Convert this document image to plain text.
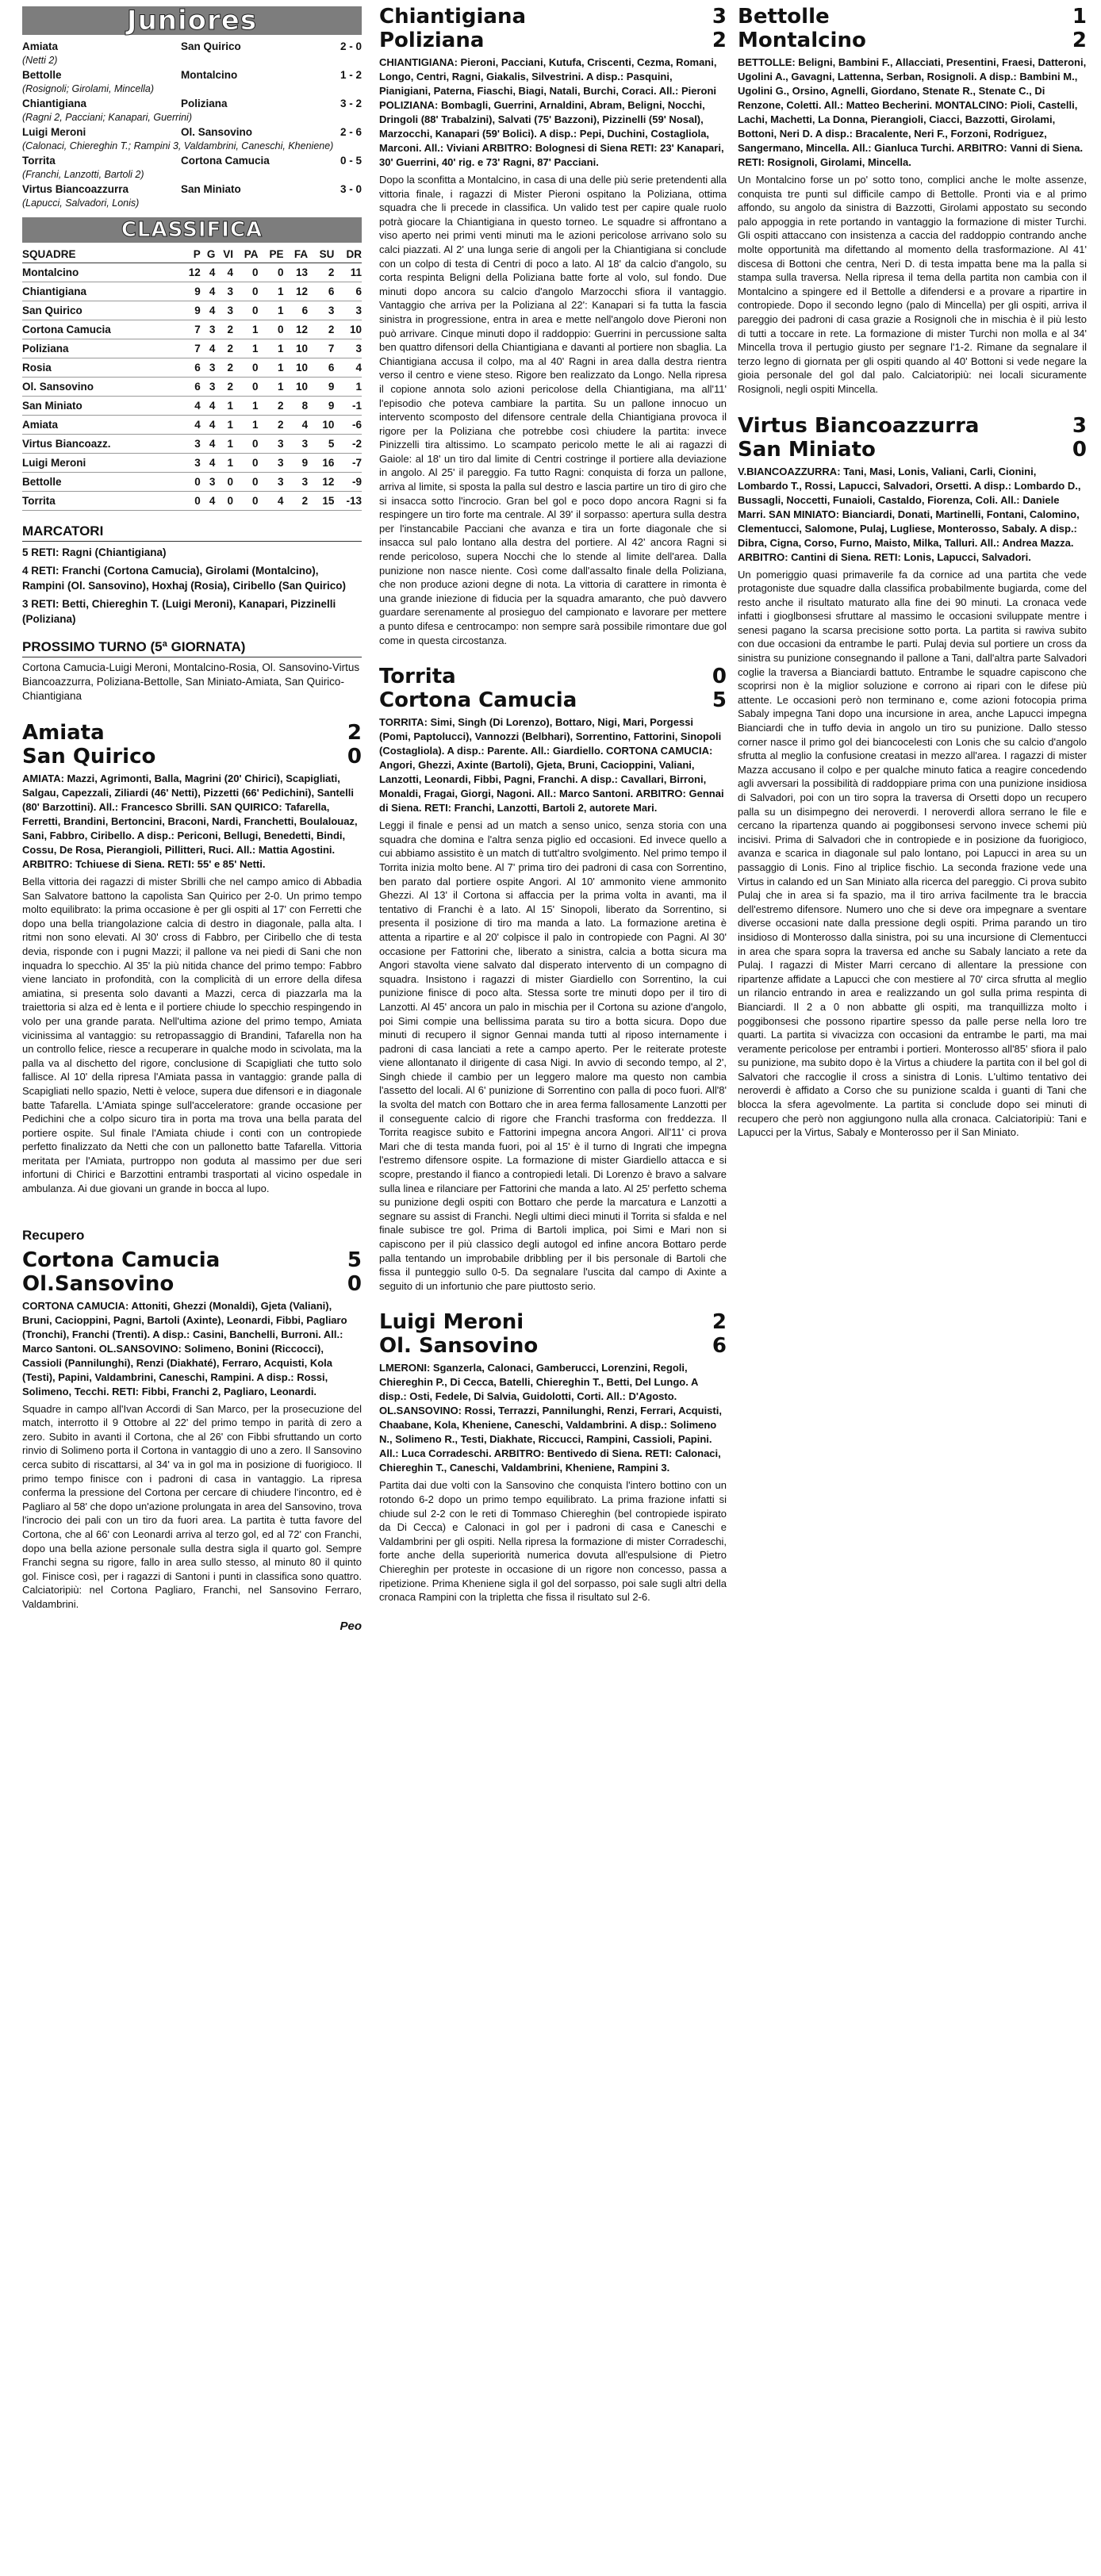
Juniores
Amiata	San Quirico	2 - 0
(Netti 2)
Bettolle	Montalcino	1 - 2
(Rosignoli; Girolami, Mincella)
Chiantigiana	Poliziana	3 - 2
(Ragni 2, Pacciani; Kanapari, Guerrini)
Luigi Meroni	Ol. Sansovino	2 - 6
(Calonaci, Chiereghin T.; Rampini 3, Valdambrini, Caneschi, Kheniene)
Torrita	Cortona Camucia	0 - 5
(Franchi, Lanzotti, Bartoli 2)
Virtus Biancoazzurra	San Miniato	3 - 0
(Lapucci, Salvadori, Lonis)
CLASSIFICA
SQUADRE	P	G	VI	PA	PE	FA	SU	DR
Montalcino	12	4	4	0	0	13	2	11
Chiantigiana	9	4	3	0	1	12	6	6
San Quirico	9	4	3	0	1	6	3	3
Cortona Camucia	7	3	2	1	0	12	2	10
Poliziana	7	4	2	1	1	10	7	3
Rosia	6	3	2	0	1	10	6	4
Ol. Sansovino	6	3	2	0	1	10	9	1
San Miniato	4	4	1	1	2	8	9	-1
Amiata	4	4	1	1	2	4	10	-6
Virtus Biancoazz.	3	4	1	0	3	3	5	-2
Luigi Meroni	3	4	1	0	3	9	16	-7
Bettolle	0	3	0	0	3	3	12	-9
Torrita	0	4	0	0	4	2	15	-13
MARCATORI
5 RETI: Ragni (Chiantigiana)
4 RETI: Franchi (Cortona Camucia), Girolami (Montalcino), Rampini (Ol. Sansovino), Hoxhaj (Rosia), Ciribello (San Quirico)
3 RETI: Betti, Chiereghin T. (Luigi Meroni), Kanapari, Pizzinelli (Poliziana)
PROSSIMO TURNO (5ª GIORNATA)
Cortona Camucia-Luigi Meroni, Montalcino-Rosia, Ol. Sansovino-Virtus Biancoazzurra, Poliziana-Bettolle, San Miniato-Amiata, San Quirico-Chiantigiana
Amiata	2
San Quirico	0
AMIATA: Mazzi, Agrimonti, Balla, Magrini (20' Chirici), Scapigliati, Salgau, Capezzali, Ziliardi (46' Netti), Pizzetti (66' Pedichini), Santelli (80' Barzottini). All.: Francesco Sbrilli. SAN QUIRICO: Tafarella, Ferretti, Brandini, Bertoncini, Braconi, Nardi, Franchetti, Boulalouaz, Sani, Fabbro, Ciribello. A disp.: Periconi, Bellugi, Benedetti, Bindi, Cossu, De Rosa, Pierangioli, Pillitteri, Ruci. All.: Mattia Agostini. ARBITRO: Tchiuese di Siena. RETI: 55' e 85' Netti.
Bella vittoria dei ragazzi di mister Sbrilli che nel campo amico di Abbadia San Salvatore battono la capolista San Quirico per 2-0. Un primo tempo molto equilibrato: la prima occasione è per gli ospiti al 17' con Ferretti che dopo una bella triangolazione calcia di destro in diagonale, palla alta. I ritmi non sono elevati. Al 30' cross di Fabbro, per Ciribello che di testa devia, risponde con i pugni Mazzi; il pallone va nei piedi di Sani che non inquadra lo specchio. Al 35' la più nitida chance del primo tempo: Fabbro viene lanciato in profondità, con la complicità di un errore della difesa amiatina, si presenta solo davanti a Mazzi, cerca di piazzarla ma la traiettoria si alza ed è lenta e il portiere chiude lo specchio respingendo in volo per una grande parata. Nell'ultima azione del primo tempo, Amiata vicinissima al vantaggio: su retropassaggio di Brandini, Tafarella non ha un controllo felice, riesce a recuperare in qualche modo in scivolata, ma la palla va al dischetto del rigore, conclusione di Scapigliati che tutto solo fallisce. Al 10' della ripresa l'Amiata passa in vantaggio: grande palla di Scapigliati nello spazio, Netti è veloce, supera due difensori e in diagonale batte Tafarella. L'Amiata spinge sull'acceleratore: grande occasione per Pedichini che a colpo sicuro tira in porta ma trova una bella parata del portiere ospite. Sul finale l'Amiata chiude i conti con un contropiede perfetto finalizzato da Netti che con un pallonetto batte Tafarella. Vittoria meritata per l'Amiata, purtroppo non goduta al massimo per due seri infortuni di Chirici e Barzottini entrambi trasportati al vicino ospedale in ambulanza. Ai due giovani un grande in bocca al lupo.
Recupero
Cortona Camucia	5
Ol.Sansovino	0
CORTONA CAMUCIA: Attoniti, Ghezzi (Monaldi), Gjeta (Valiani), Bruni, Cacioppini, Pagni, Bartoli (Axinte), Leonardi, Fibbi, Pagliaro (Tronchi), Franchi (Trenti). A disp.: Casini, Banchelli, Burroni. All.: Marco Santoni. OL.SANSOVINO: Solimeno, Bonini (Riccocci), Cassioli (Pannilunghi), Renzi (Diakhaté), Ferraro, Acquisti, Kola (Testi), Papini, Valdambrini, Caneschi, Rampini. A disp.: Rossi, Solimeno, Tecchi. RETI: Fibbi, Franchi 2, Pagliaro, Leonardi.
Squadre in campo all'Ivan Accordi di San Marco, per la prosecuzione del match, interrotto il 9 Ottobre al 22' del primo tempo in parità di zero a zero. Subito in avanti il Cortona, che al 26' con Fibbi sfruttando un corto rinvio di Solimeno porta il Cortona in vantaggio di uno a zero. Il Sansovino cerca subito di riscattarsi, al 34' va in gol ma in posizione di fuorigioco. Il primo tempo finisce con i padroni di casa in vantaggio. La ripresa conferma la pressione del Cortona per cercare di chiudere l'incontro, ed è Pagliaro al 58' che dopo un'azione prolungata in area del Sansovino, trova l'incrocio dei pali con un tiro da fuori area. La partita è tutta favore del Cortona, che al 66' con Leonardi arriva al terzo gol, ed al 72' con Franchi, dopo una bella azione personale sulla destra sigla il quarto gol. Sempre Franchi segna su rigore, fallo in area sullo stesso, al minuto 80 il quinto gol. Finisce così, per i ragazzi di Santoni i punti in classifica sono quattro. Calciatoripiù: nel Cortona Pagliaro, Franchi, nel Sansovino Ferraro, Valdambrini.
Peo
Chiantigiana	3
Poliziana	2
CHIANTIGIANA: Pieroni, Pacciani, Kutufa, Criscenti, Cezma, Romani, Longo, Centri, Ragni, Giakalis, Silvestrini. A disp.: Pasquini, Pianigiani, Paterna, Fiaschi, Biagi, Natali, Burchi, Coraci. All.: Pieroni POLIZIANA: Bombagli, Guerrini, Arnaldini, Abram, Beligni, Nocchi, Dringoli (88' Trabalzini), Salvati (75' Bazzoni), Pizzinelli (59' Nosal), Marzocchi, Kanapari (59' Bolici). A disp.: Pepi, Duchini, Costagliola, Marconi. All.: Viviani ARBITRO: Bolognesi di Siena RETI: 23' Kanapari, 30' Guerrini, 40' rig. e 73' Ragni, 87' Pacciani.
Dopo la sconfitta a Montalcino, in casa di una delle più serie pretendenti alla vittoria finale, i ragazzi di Mister Pieroni ospitano la Poliziana, ottima squadra che li precede in classifica. Un valido test per capire quale ruolo potrà giocare la Chiantigiana in questo torneo. Le squadre si affrontano a viso aperto nei primi venti minuti ma le azioni pericolose arrivano solo su calci piazzati. Al 2' una lunga serie di angoli per la Chiantigiana si conclude con un colpo di testa di Centri di poco a lato. Al 18' da calcio d'angolo, su corta respinta Beligni della Poliziana batte forte al volo, sul fondo. Due minuti dopo ancora su calcio d'angolo Marzocchi sfiora il vantaggio. Vantaggio che arriva per la Poliziana al 22': Kanapari si fa tutta la fascia sinistra in progressione, entra in area e mette nell'angolo dove Pieroni non può arrivare. Cinque minuti dopo il raddoppio: Guerrini in percussione salta ben quattro difensori della Chiantigiana e davanti al portiere non sbaglia. La Chiantigiana accusa il colpo, ma al 40' Ragni in area dalla destra rientra verso il centro e viene steso. Rigore ben realizzato da Longo. Nella ripresa il copione annota solo azioni pericolose della Chiantigiana, ma all'11' l'episodio che potevа cambiare la partita. Su un pallone innocuo un intervento scomposto del difensore centrale della Chiantigiana provoca il rigore per la Poliziana che potrebbe così chiudere la partita: invece Pinizzelli tira altissimo. Lo scampato pericolo mette le ali ai ragazzi di Gaiole: al 18' un tiro dal limite di Centri costringe il portiere alla deviazione in angolo. Al 25' il pareggio. Fa tutto Ragni: conquista di forza un pallone, arriva al limite, si sposta la palla sul destro e lascia partire un tiro di giro che si insacca sotto l'incrocio. Gran bel gol e poco dopo ancora Ragni si fa respingere un tiro forte ma centrale. Al 39' il sorpasso: apertura sulla destra per l'instancabile Pacciani che avanza e tira un forte diagonale che si insacca sul palo lontano alla destra del portiere. Al 42' ancora Ragni si rende pericoloso, supera Nocchi che lo stende al limite dell'area. Dalla punizione non nasce niente. Così come dall'assalto finale della Poliziana, che non produce azioni degne di nota. La vittoria di carattere in rimonta è una grande iniezione di fiducia per la squadra amaranto, che può davvero guardare serenamente al prosieguo del campionato e lavorare per mettere a punto difesa e centrocampo: non sempre sarà possibile rimontare due gol come in questa circostanza.
Torrita	0
Cortona Camucia	5
TORRITA: Simi, Singh (Di Lorenzo), Bottaro, Nigi, Mari, Porgessi (Pomi, Paptolucci), Vannozzi (Belbhari), Sorrentino, Fattorini, Sinopoli (Costagliola). A disp.: Parente. All.: Giardiello. CORTONA CAMUCIA: Angori, Ghezzi, Axinte (Bartoli), Gjeta, Bruni, Cacioppini, Valiani, Lanzotti, Leonardi, Fibbi, Pagni, Franchi. A disp.: Cavallari, Birroni, Monaldi, Fragai, Giorgi, Nagoni. All.: Marco Santoni. ARBITRO: Gennai di Siena. RETI: Franchi, Lanzotti, Bartoli 2, autorete Mari.
Leggi il finale e pensi ad un match a senso unico, senza storia con una squadra che domina e l'altra senza piglio ed occasioni. Ed invece quello a cui abbiamo assistito è un match di tutt'altro svolgimento. Nel primo tempo il Torrita inizia molto bene. Al 7' prima tiro dei padroni di casa con Sorrentino, ben parato dal portiere ospite Angori. Al 10' ammonito viene ammonito Ghezzi. Al 13' il Cortona si affaccia per la prima volta in avanti, ma il tentativo di Franchi è a lato. Al 15' Sinopoli, liberato da Sorrentino, si presenta il posizione di tiro ma manda a lato. La formazione aretina è attenta a ripartire e al 20' colpisce il palo in contropiede con Pagni. Al 30' occasione per Fattorini che, liberato a sinistra, calcia a botta sicura ma Angori stavolta viene salvato dal disperato intervento di un compagno di squadra. Insistono i ragazzi di mister Giardiello con Sorrentino, la cui punizione finisce di poco alta. Stessa sorte tre minuti dopo per il tiro di Lanzotti. Al 45' ancora un palo in mischia per il Cortona su azione d'angolo, poi Simi compie una bellissima parata su tiro a botta sicura. Dopo due minuti di recupero il signor Gennai manda tutti al riposo internamente i padroni di casa lanciati a rete a campo aperto. Per le reiterate proteste viene allontanato il dirigente di casa Nigi. In avvio di secondo tempo, al 2', Singh chiede il cambio per un leggero malore ma questo non cambia l'assetto del locali. Al 6' punizione di Sorrentino con palla di poco fuori. All'8' la svolta del match con Bottaro che in area ferma fallosamente Lanzotti per il conseguente calcio di rigore che Franchi trasforma con freddezza. Il Torrita reagisce subito e Fattorini impegna ancora Angori. All'11' ci prova Mari che di testa manda fuori, poi al 15' è il turno di Ingrati che impegna l'estremo difensore ospite. La formazione di mister Giardiello attacca e si scopre, prestando il fianco a contropiedi letali. Di Lorenzo è bravo a salvare sulla linea e rilanciare per Fattorini che manda a lato. Al 25' perfetto schema su punizione degli ospiti con Bottaro che perde la marcatura e Lanzotti a segnare su assist di Franchi. Negli ultimi dieci minuti il Torrita si sfalda e nel finale subisce tre gol. Prima di Bartoli implica, poi Simi e Mari non si capiscono per il più classico degli autogol ed infine ancora Bottaro perde palla tentando un improbabile dribbling per il bis personale di Bartoli che fissa il punteggio sullo 0-5. Da segnalare l'uscita dal campo di Axinte a seguito di un infortunio che pare piuttosto serio.
Luigi Meroni	2
Ol. Sansovino	6
LMERONI: Sganzerla, Calonaci, Gamberucci, Lorenzini, Regoli, Chiereghin P., Di Cecca, Batelli, Chiereghin T., Betti, Del Lungo. A disp.: Osti, Fedele, Di Salvia, Guidolotti, Corti. All.: D'Agosto. OL.SANSOVINO: Rossi, Terrazzi, Pannilunghi, Renzi, Ferrari, Acquisti, Chaabane, Kola, Kheniene, Caneschi, Valdambrini. A disp.: Solimeno N., Solimeno R., Testi, Diakhate, Riccucci, Rampini, Cassioli, Papini. All.: Luca Corradeschi. ARBITRO: Bentivedo di Siena. RETI: Calonaci, Chiereghin T., Caneschi, Valdambrini, Kheniene, Rampini 3.
Partita dai due volti con la Sansovino che conquista l'intero bottino con un rotondo 6-2 dopo un primo tempo equilibrato. La prima frazione infatti si chiude sul 2-2 con le reti di Tommaso Chiereghin (bel contropiede ispirato da Di Cecca) e Calonaci in gol per i padroni di casa e Caneschi e Valdambrini per gli ospiti. Nella ripresa la formazione di mister Corradeschi, forte anche della superiorità numerica dovuta all'espulsione di Pietro Chiereghin per proteste in occasione di un rigore non concesso, passa a ripetizione. Prima Kheniene sigla il gol del sorpasso, poi sale sugli altri della cronaca Rampini con la tripletta che fissa il risultato sul 2-6.
Bettolle	1
Montalcino	2
BETTOLLE: Beligni, Bambini F., Allacciati, Presentini, Fraesi, Datteroni, Ugolini A., Gavagni, Lattenna, Serban, Rosignoli. A disp.: Bambini M., Ugolini G., Orsino, Agnelli, Giordano, Stenate R., Stenate C., Di Renzone, Coletti. All.: Matteo Becherini. MONTALCINO: Pioli, Castelli, Lachi, Machetti, La Donna, Pierangioli, Ciacci, Bazzotti, Girolami, Bottoni, Neri D. A disp.: Bracalente, Neri F., Forzoni, Rodriguez, Sangermano, Mincella. All.: Gianluca Turchi. ARBITRO: Vanni di Siena. RETI: Rosignoli, Girolami, Mincella.
Un Montalcino forse un po' sotto tono, complici anche le molte assenze, conquista tre punti sul difficile campo di Bettolle. Pronti via e al primo affondo, su angolo da sinistra di Bazzotti, Girolami appostato su secondo palo appoggia in rete portando in vantaggio la formazione di mister Turchi. Gli ospiti attaccano con insistenza a caccia del raddoppio contrando anche molte opportunità ma difettando al momento della trasformazione. Al 41' discesa di Bottoni che centra, Neri D. di testa impatta bene ma la palla si stampa sulla traversa. Nella ripresa il tema della partita non cambia con il Montalcino a spingere ed il Bettolle a difendersi e a provare a ripartire in contropiede. Dopo il secondo legno (palo di Mincella) per gli ospiti, arriva il pareggio dei padroni di casa grazie a Rosignoli che in mischia è il più lesto di tutti a toccare in rete. La formazione di mister Turchi non molla e al 34' Mincella trova il pertugio giusto per segnare l'1-2. Rimane da segnalare il terzo legno di giornata per gli ospiti quando al 40' Bottoni si vede negare la gioia personale del gol dal palo. Calciatoripiù: nei locali sicuramente Rosignoli, negli ospiti Mincella.
Virtus Biancoazzurra	3
San Miniato	0
V.BIANCOAZZURRA: Tani, Masi, Lonis, Valiani, Carli, Cionini, Lombardo T., Rossi, Lapucci, Salvadori, Orsetti. A disp.: Lombardo D., Bussagli, Noccetti, Funaioli, Castaldo, Fiorenza, Coli. All.: Daniele Marri. SAN MINIATO: Bianciardi, Donati, Martinelli, Fontani, Calomino, Clementucci, Salomone, Pulaj, Lugliese, Monterosso, Sabaly. A disp.: Dibra, Cigna, Corso, Furno, Maisto, Milka, Talluri. All.: Andrea Mazza. ARBITRO: Cantini di Siena. RETI: Lonis, Lapucci, Salvadori.
Un pomeriggio quasi primaverile fa da cornice ad una partita che vede protagoniste due squadre dalla classifica probabilmente bugiarda, come del resto anche il risultato maturato alla fine dei 90 minuti. La cronaca vede infatti i gioglbonsesi sfruttare al massimo le occasioni sviluppate mentre i senesi pagano la scarsa precisione sotto porta. La partita si rawiva subito con due occasioni da entrambe le parti. Pulaj devia sul portiere un cross da sinistra su punizione consegnando il pallone a Tani, dall'altra parte Salvadori coglie la traversa a Bianciardi battuto. Entrambe le squadre capiscono che scoprirsi non è la miglior soluzione e corrono ai ripari con le difese più attente. Le occasioni però non terminano e, come azioni fotocopia prima Sabaly impegna Tani dopo una incursione in area, anche Lapucci impegna Bianciardi che in tuffo devia in angolo un tiro su punizione. Dallo stesso corner nasce il primo gol dei biancocelesti con Lonis che su calcio d'angolo sfrutta al meglio la confusione creatasi in mezzo all'area. I ragazzi di mister Mazza accusano il colpo e per qualche minuto faticа a reagire concedendo agli avversari la possibilità di raddoppiare prima con una punizione insidiosa di Salvadori, poi con un tiro sopra la traversa di Orsetti dopo un recupero palla su un disimpegno dei neroverdi. I neroverdi allora serrano le file e cercano la ripartenza quando ai poggibonsesi servono invece schemi più incisivi. Prima di Salvadori che in contropiede e in posizione da fuorigioco, avanza e scarica in diagonale sul palo lontano, poi Lapucci in area su un passaggio di Lonis. Fino al triplice fischio. La seconda frazione vede una Virtus in calando ed un San Miniato alla ricerca del pareggio. Ci prova subito Pulaj che in area si fa spazio, ma il tiro arriva facilmente tra le braccia dell'estremo difensore. Numero uno che si deve ora impegnare a sventare diverse occasioni nate dalla pressione degli ospiti. Prima parando un tiro insidioso di Monterosso dalla sinistra, poi su una incursione di Clementucci in area che spara sopra la traversa ed anche su Sabaly lanciato a rete da Pulaj. I ragazzi di Mister Marri cercano di allentare la pressione con ripartenze affidate a Lapucci che con mestiere al 70' circa sfrutta al meglio un rilancio entrando in area e realizzando un gol sulla prima respinta di Bianciardi. Il 2 a 0 non abbatte gli ospiti, ma tranquillizza molto i poggibonsesi che possono ripartire spesso da palle perse nella loro tre quarti. La partita si vivacizza con occasioni da entrambe le parti, ma mai veramente pericolose per entrambi i portieri. Monterosso all'85' sfiora il palo su punizione, ma subito dopo è la Virtus a chiudere la partita con il bel gol di Salvatori che raccoglie il cross a sinistra di Lonis. L'ultimo tentativo dei neroverdi è affidato a Corso che su punizione scalda i guanti di Tani che blocca la sfera agevolmente. La partita si conclude dopo sei minuti di recupero che però non aggiungono nulla alla cronaca. Calciatoripiù: Tani e Lapucci per la Virtus, Sabaly e Monterosso per il San Miniato.
